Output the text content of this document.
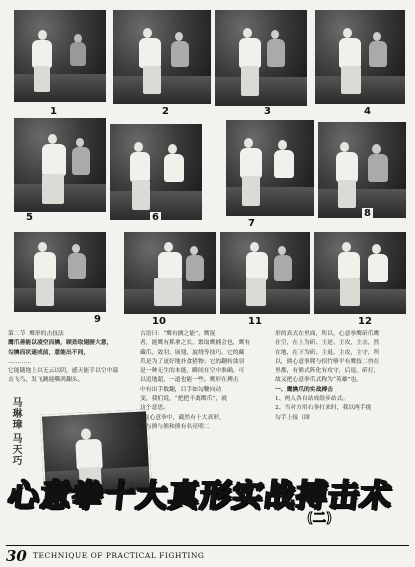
1	2	3	4
5	6
7
8
9	10	11	12

第二节  鹰形的击技法

鹰爪善能以凌空而擒，顾劲取翅膀大意，

勾擒而状遂成前，意能出不同，

…………

它能随地上以无云以阴，感天能手以空中载

击飞鸟，发飞跳能嘶鸿翻头。

马琳璋
马天巧

古语曰：“鹰有擒之能”。鹰捉

者，能鹰有抓拿之长，繁取鹰捕会也，鹰有

藏爪、敛羽、展翅、旋绕等技巧。它的藏

爪是为了更好地扑食猎物；它的翻转敛羽

是一种无生的本能，瞬间在空中准确，可

以追地超，一道也能一些。鹰形在搏击

中有出手数翻，目手如勾鞭向动

变，我们说，“把把不离鹰爪”，就

这个意思。

在心意拳中，截然有十大真形，

鹰与熊与熊和熊有名亮明二

形的真式在里面，所以，心意拳鹰斫爪鹰

在空，在上为斫、主逆、主攻，主击，然

在地，在下为斫、主退、主攻，主守，所

以，熊心意事爬与招竹够平有鹰技二兽在

里都，有熊式阵化有攻守，后退，斫打，

故又把心意拳爪式称为“英雄”也。

一、鹰擒爪的实战搏击

1、两人各自站成组步站式。

2、当对方用右拳打来时，我以两手拢

勾手上接（图

心意拳十大真形实战搏击术
(二)
30 TECHNIQUE OF PRACTICAL FIGHTING
